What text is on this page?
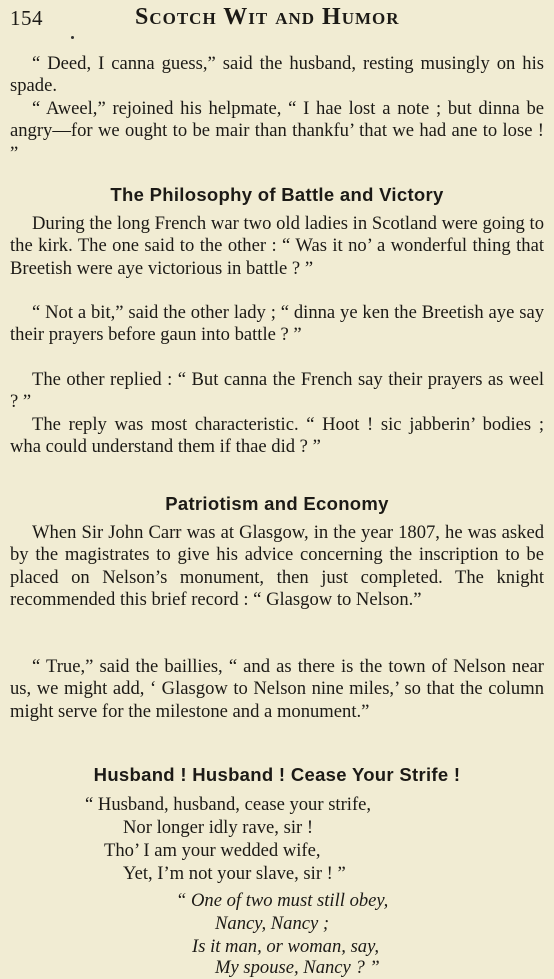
154	Scotch Wit and Humor
“ Deed, I canna guess,” said the husband, resting musingly on his spade.
“ Aweel,” rejoined his helpmate, “ I hae lost a note ; but dinna be angry—for we ought to be mair than thankfu’ that we had ane to lose ! ”
The Philosophy of Battle and Victory
During the long French war two old ladies in Scotland were going to the kirk. The one said to the other : “ Was it no’ a wonderful thing that Breetish were aye victorious in battle ? ”
“ Not a bit,” said the other lady ; “ dinna ye ken the Breetish aye say their prayers before gaun into battle ? ”
The other replied : “ But canna the French say their prayers as weel ? ”
The reply was most characteristic. “ Hoot ! sic jabberin’ bodies ; wha could understand them if thae did ? ”
Patriotism and Economy
When Sir John Carr was at Glasgow, in the year 1807, he was asked by the magistrates to give his advice concerning the inscription to be placed on Nelson’s monument, then just completed. The knight recommended this brief record : “ Glasgow to Nelson.”
“ True,” said the baillies, “ and as there is the town of Nelson near us, we might add, ‘ Glasgow to Nelson nine miles,’ so that the column might serve for the milestone and a monument.”
Husband ! Husband ! Cease Your Strife !
“ Husband, husband, cease your strife,
Nor longer idly rave, sir !
Tho’ I am your wedded wife,
Yet, I’m not your slave, sir ! ”
“ One of two must still obey,
Nancy, Nancy ;
Is it man, or woman, say,
My spouse, Nancy ? ”
